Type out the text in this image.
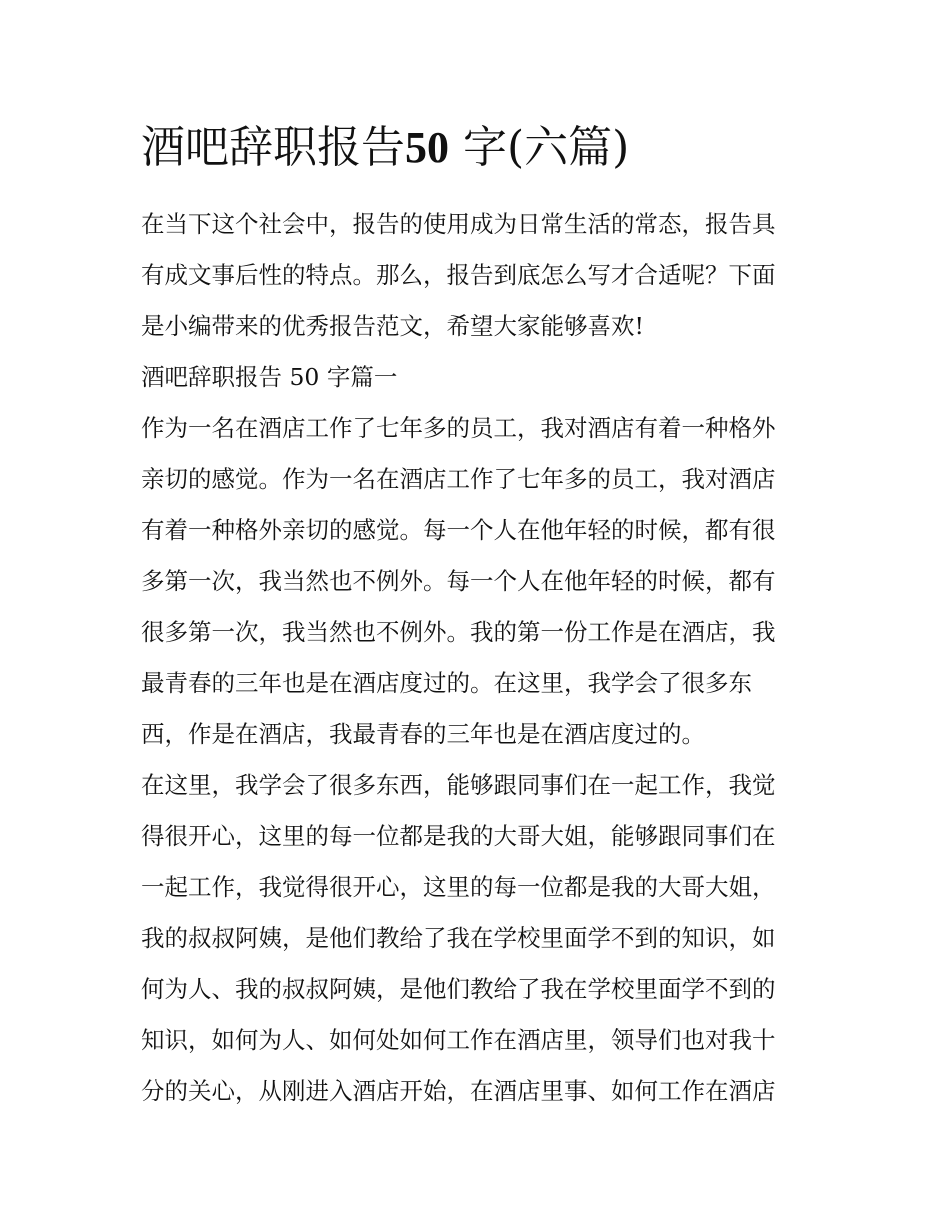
酒吧辞职报告50 字(六篇)

在当下这个社会中，报告的使用成为日常生活的常态，报告具

有成文事后性的特点。那么，报告到底怎么写才合适呢？下面

是小编带来的优秀报告范文，希望大家能够喜欢!

酒吧辞职报告 50 字篇一

作为一名在酒店工作了七年多的员工，我对酒店有着一种格外

亲切的感觉。作为一名在酒店工作了七年多的员工，我对酒店

有着一种格外亲切的感觉。每一个人在他年轻的时候，都有很

多第一次，我当然也不例外。每一个人在他年轻的时候，都有

很多第一次，我当然也不例外。我的第一份工作是在酒店，我

最青春的三年也是在酒店度过的。在这里，我学会了很多东

西，作是在酒店，我最青春的三年也是在酒店度过的。

在这里，我学会了很多东西，能够跟同事们在一起工作，我觉

得很开心，这里的每一位都是我的大哥大姐，能够跟同事们在

一起工作，我觉得很开心，这里的每一位都是我的大哥大姐，

我的叔叔阿姨，是他们教给了我在学校里面学不到的知识，如

何为人、我的叔叔阿姨，是他们教给了我在学校里面学不到的

知识，如何为人、如何处如何工作在酒店里，领导们也对我十

分的关心，从刚进入酒店开始，在酒店里事、如何工作在酒店
